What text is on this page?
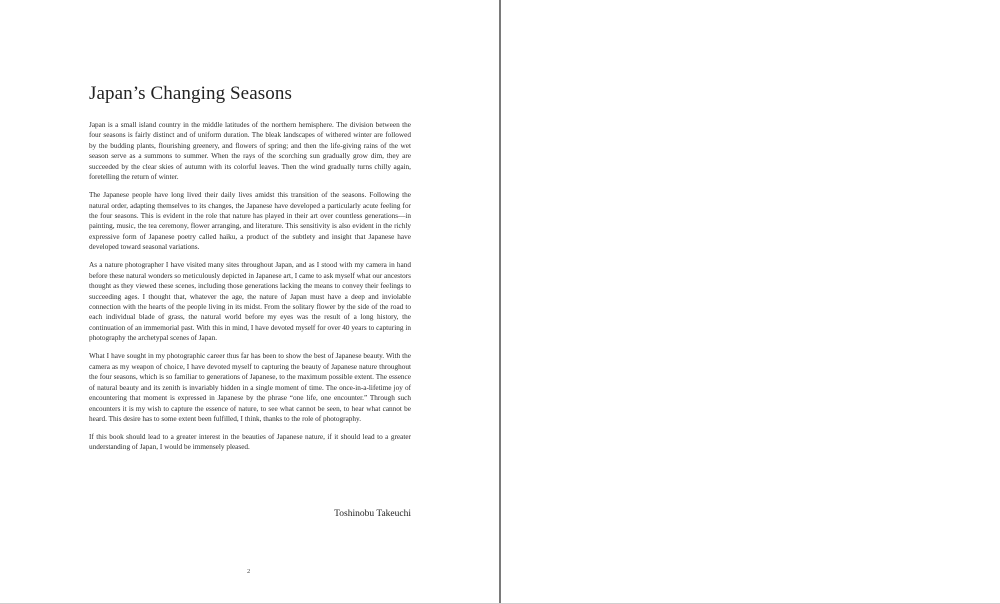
Japan’s Changing Seasons

Japan is a small island country in the middle latitudes of the northern hemisphere. The division between the four seasons is fairly distinct and of uniform duration. The bleak landscapes of withered winter are followed by the budding plants, flourishing greenery, and flowers of spring; and then the life-giving rains of the wet season serve as a summons to summer. When the rays of the scorching sun gradually grow dim, they are succeeded by the clear skies of autumn with its colorful leaves. Then the wind gradually turns chilly again, foretelling the return of winter.

The Japanese people have long lived their daily lives amidst this transition of the seasons. Following the natural order, adapting themselves to its changes, the Japanese have developed a particularly acute feeling for the four seasons. This is evident in the role that nature has played in their art over countless generations—in painting, music, the tea ceremony, flower arranging, and literature. This sensitivity is also evident in the richly expressive form of Japanese poetry called haiku, a product of the subtlety and insight that Japanese have developed toward seasonal variations.

As a nature photographer I have visited many sites throughout Japan, and as I stood with my camera in hand before these natural wonders so meticulously depicted in Japanese art, I came to ask myself what our ancestors thought as they viewed these scenes, including those generations lacking the means to convey their feelings to succeeding ages. I thought that, whatever the age, the nature of Japan must have a deep and inviolable connection with the hearts of the people living in its midst. From the solitary flower by the side of the road to each individual blade of grass, the natural world before my eyes was the result of a long history, the continuation of an immemorial past. With this in mind, I have devoted myself for over 40 years to capturing in photography the archetypal scenes of Japan.

What I have sought in my photographic career thus far has been to show the best of Japanese beauty. With the camera as my weapon of choice, I have devoted myself to capturing the beauty of Japanese nature throughout the four seasons, which is so familiar to generations of Japanese, to the maximum possible extent. The essence of natural beauty and its zenith is invariably hidden in a single moment of time. The once-in-a-lifetime joy of encountering that moment is expressed in Japanese by the phrase “one life, one encounter.” Through such encounters it is my wish to capture the essence of nature, to see what cannot be seen, to hear what cannot be heard. This desire has to some extent been fulfilled, I think, thanks to the role of photography.

If this book should lead to a greater interest in the beauties of Japanese nature, if it should lead to a greater understanding of Japan, I would be immensely pleased.

Toshinobu Takeuchi
2
